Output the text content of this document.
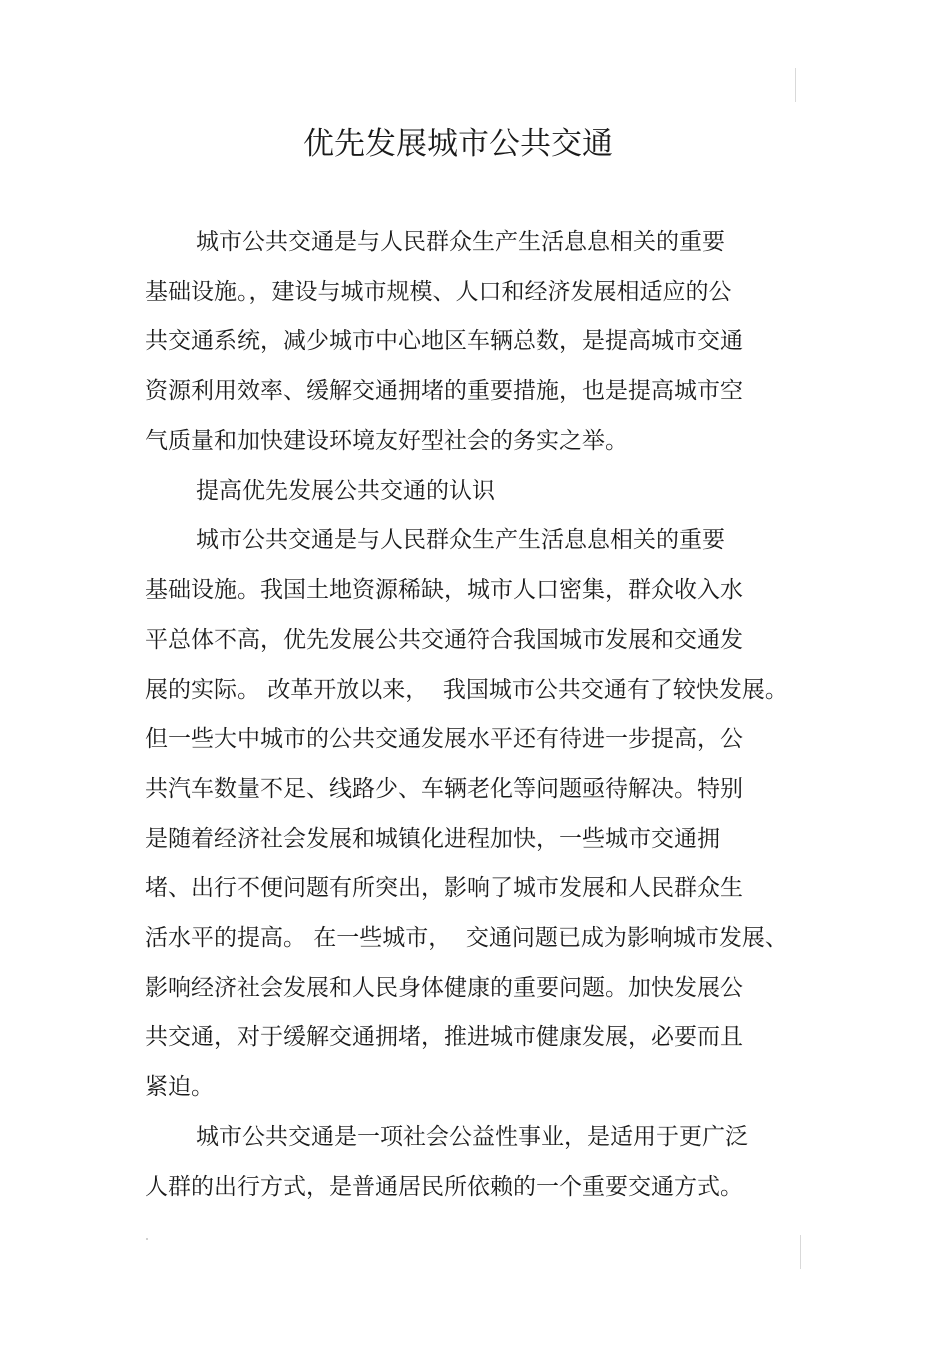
优先发展城市公共交通
城市公共交通是与人民群众生产生活息息相关的重要
基础设施。，建设与城市规模、人口和经济发展相适应的公
共交通系统，减少城市中心地区车辆总数，是提高城市交通
资源利用效率、缓解交通拥堵的重要措施，也是提高城市空
气质量和加快建设环境友好型社会的务实之举。
提高优先发展公共交通的认识
城市公共交通是与人民群众生产生活息息相关的重要
基础设施。我国土地资源稀缺，城市人口密集，群众收入水
平总体不高，优先发展公共交通符合我国城市发展和交通发
展的实际。 改革开放以来，  我国城市公共交通有了较快发展。
但一些大中城市的公共交通发展水平还有待进一步提高，公
共汽车数量不足、线路少、车辆老化等问题亟待解决。特别
是随着经济社会发展和城镇化进程加快，一些城市交通拥
堵、出行不便问题有所突出，影响了城市发展和人民群众生
活水平的提高。 在一些城市，  交通问题已成为影响城市发展、
影响经济社会发展和人民身体健康的重要问题。加快发展公
共交通，对于缓解交通拥堵，推进城市健康发展，必要而且
紧迫。
城市公共交通是一项社会公益性事业，是适用于更广泛
人群的出行方式，是普通居民所依赖的一个重要交通方式。
